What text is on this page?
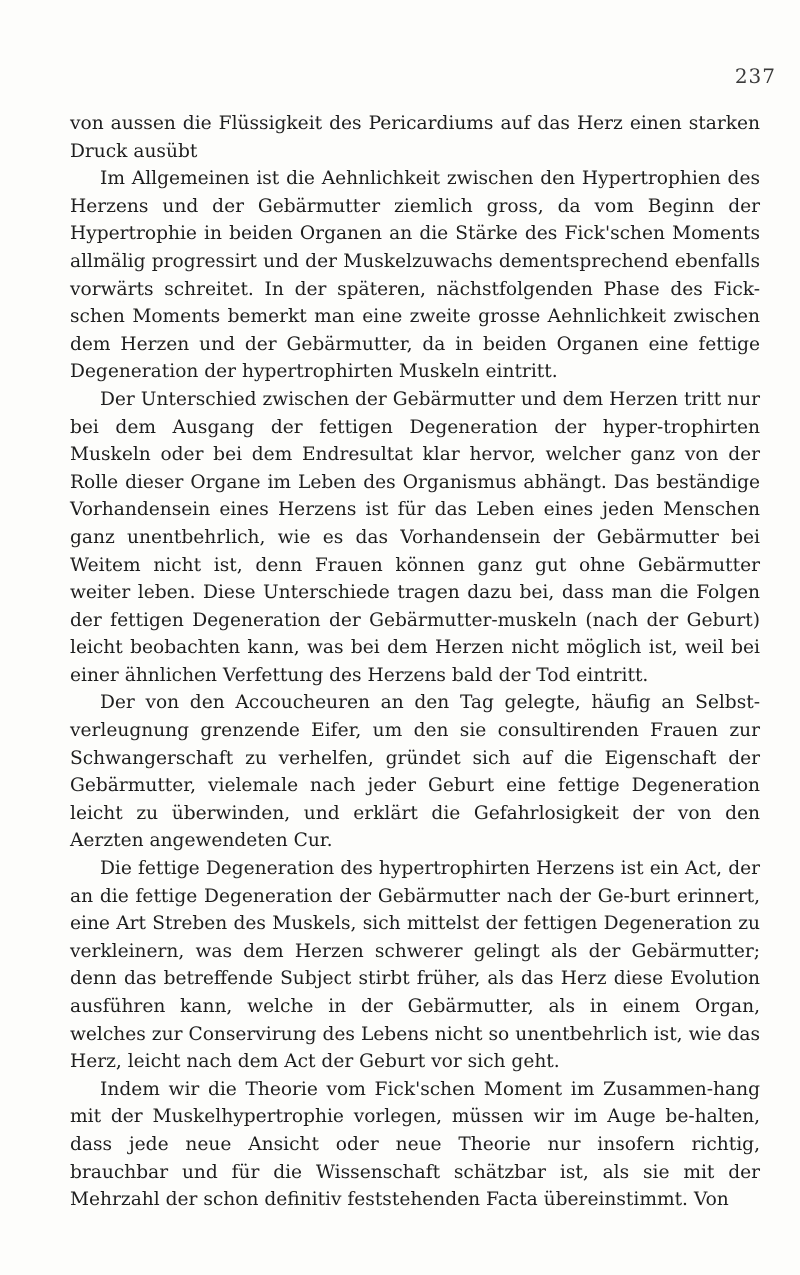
237

von aussen die Flüssigkeit des Pericardiums auf das Herz einen starken Druck ausübt

Im Allgemeinen ist die Aehnlichkeit zwischen den Hypertrophien des Herzens und der Gebärmutter ziemlich gross, da vom Beginn der Hypertrophie in beiden Organen an die Stärke des Fick'schen Moments allmälig progressirt und der Muskelzuwachs dementsprechend ebenfalls vorwärts schreitet. In der späteren, nächstfolgenden Phase des Fick-schen Moments bemerkt man eine zweite grosse Aehnlichkeit zwischen dem Herzen und der Gebärmutter, da in beiden Organen eine fettige Degeneration der hypertrophirten Muskeln eintritt.

Der Unterschied zwischen der Gebärmutter und dem Herzen tritt nur bei dem Ausgang der fettigen Degeneration der hyper-trophirten Muskeln oder bei dem Endresultat klar hervor, welcher ganz von der Rolle dieser Organe im Leben des Organismus abhängt. Das beständige Vorhandensein eines Herzens ist für das Leben eines jeden Menschen ganz unentbehrlich, wie es das Vorhandensein der Gebärmutter bei Weitem nicht ist, denn Frauen können ganz gut ohne Gebärmutter weiter leben. Diese Unterschiede tragen dazu bei, dass man die Folgen der fettigen Degeneration der Gebärmutter-muskeln (nach der Geburt) leicht beobachten kann, was bei dem Herzen nicht möglich ist, weil bei einer ähnlichen Verfettung des Herzens bald der Tod eintritt.

Der von den Accoucheuren an den Tag gelegte, häufig an Selbst-verleugnung grenzende Eifer, um den sie consultirenden Frauen zur Schwangerschaft zu verhelfen, gründet sich auf die Eigenschaft der Gebärmutter, vielemale nach jeder Geburt eine fettige Degeneration leicht zu überwinden, und erklärt die Gefahrlosigkeit der von den Aerzten angewendeten Cur.

Die fettige Degeneration des hypertrophirten Herzens ist ein Act, der an die fettige Degeneration der Gebärmutter nach der Ge-burt erinnert, eine Art Streben des Muskels, sich mittelst der fettigen Degeneration zu verkleinern, was dem Herzen schwerer gelingt als der Gebärmutter; denn das betreffende Subject stirbt früher, als das Herz diese Evolution ausführen kann, welche in der Gebärmutter, als in einem Organ, welches zur Conservirung des Lebens nicht so unentbehrlich ist, wie das Herz, leicht nach dem Act der Geburt vor sich geht.

Indem wir die Theorie vom Fick'schen Moment im Zusammen-hang mit der Muskelhypertrophie vorlegen, müssen wir im Auge be-halten, dass jede neue Ansicht oder neue Theorie nur insofern richtig, brauchbar und für die Wissenschaft schätzbar ist, als sie mit der Mehrzahl der schon definitiv feststehenden Facta übereinstimmt. Von
